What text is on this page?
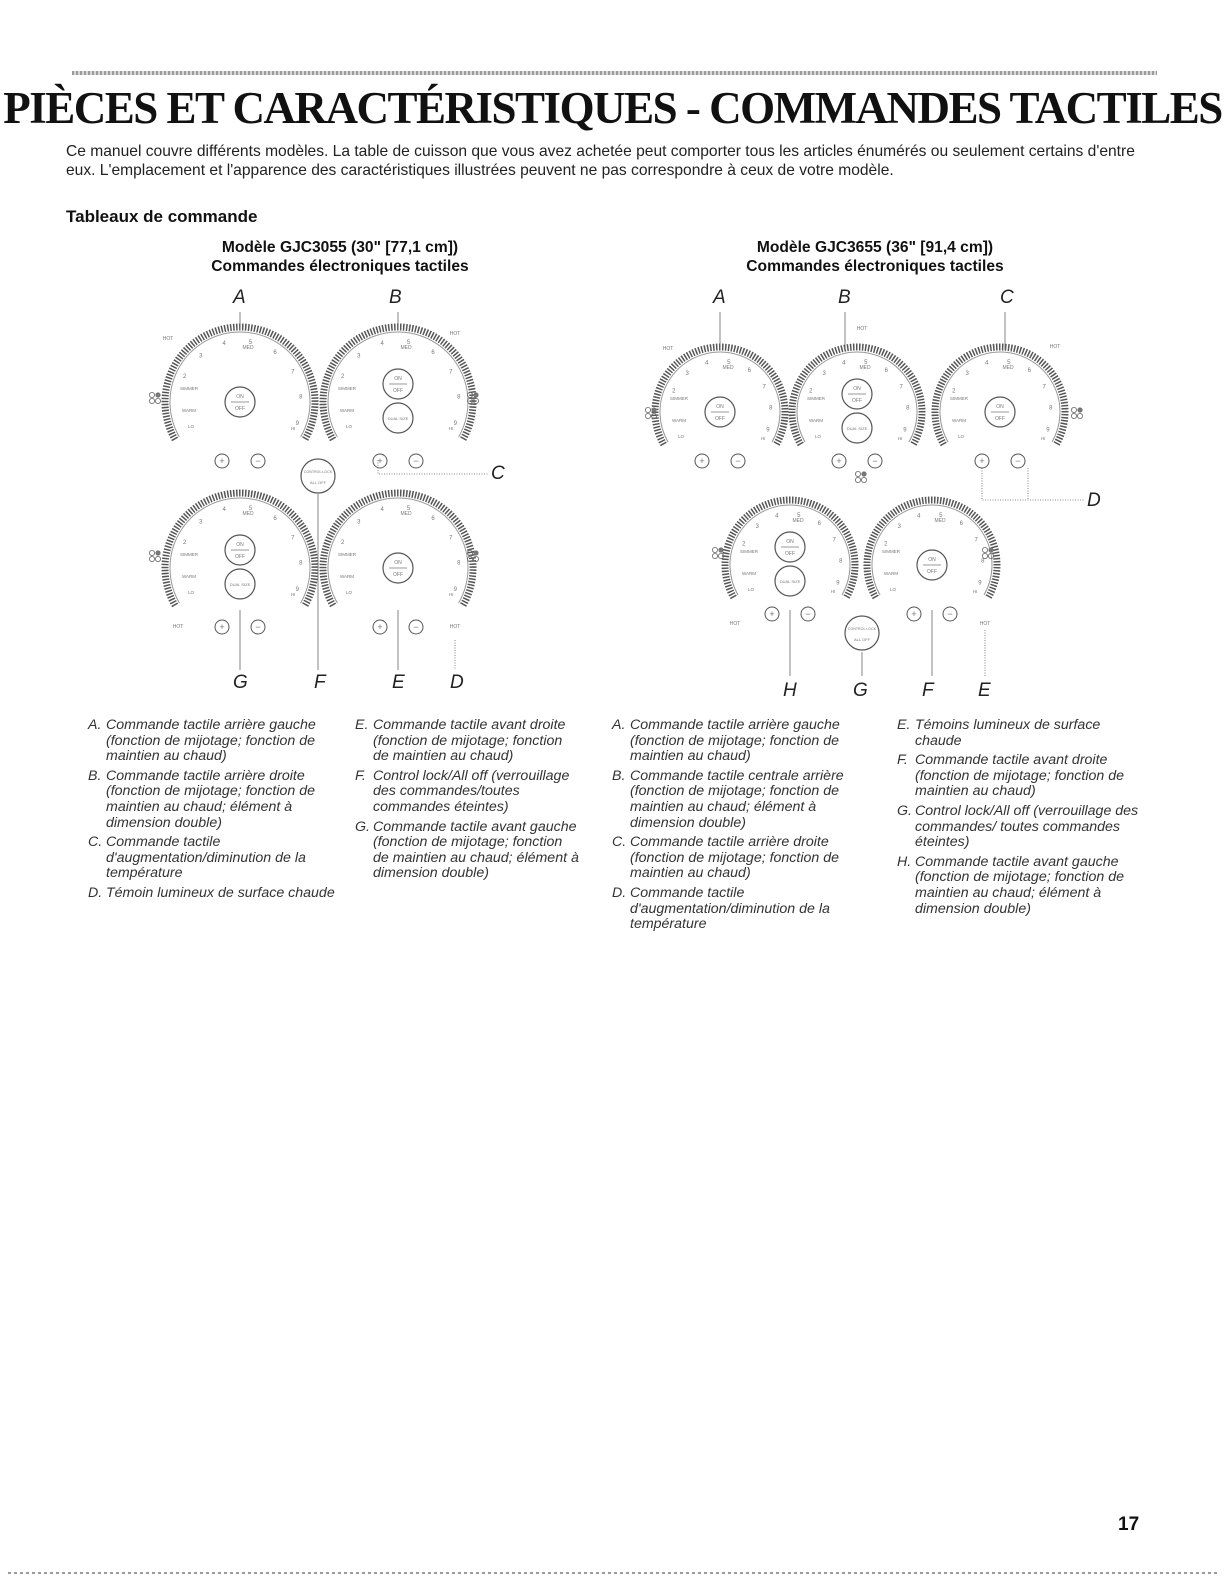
PIÈCES ET CARACTÉRISTIQUES - COMMANDES TACTILES
Ce manuel couvre différents modèles. La table de cuisson que vous avez achetée peut comporter tous les articles énumérés ou seulement certains d'entre eux. L'emplacement et l'apparence des caractéristiques illustrées peuvent ne pas correspondre à ceux de votre modèle.
Tableaux de commande
Modèle GJC3055 (30" [77,1 cm])
Commandes électroniques tactiles
Modèle GJC3655 (36" [91,4 cm])
Commandes électroniques tactiles
2
3
4	5
6
7
8
9
MED
SIMMER
WARM
LO	HI
ON
OFF
+	−
2
3
4	5
6
7
8
9
MED
SIMMER
WARM
LO	HI
ON
OFF
DUAL SIZE
+	−
2
3
4	5
6
7
8
9
MED
SIMMER
WARM
LO	HI
ON
OFF
DUAL SIZE
+	−
2
3
4	5
6
7
8
9
MED
SIMMER
WARM
LO	HI
ON
OFF
+	−
CONTROL LOCK
ALL OFF
HOT
HOT
HOT	HOT
2
3
4	5
6
7
8
9
MED
SIMMER
WARM
LO	HI
ON
OFF
+	−
2
3
4	5
6
7
8
9
MED
SIMMER
WARM
LO	HI
ON
OFF
DUAL SIZE
+	−
2
3
4	5
6
7
8
9
MED
SIMMER
WARM
LO	HI
ON
OFF
+	−
2
3
4	5
6
7
8
9
MED
SIMMER
WARM
LO	HI
ON
OFF
DUAL SIZE
+	−
2
3
4	5
6
7
8
9
MED
SIMMER
WARM
LO	HI
ON
OFF
+	−
CONTROL LOCK
ALL OFF
HOT
HOT
HOT
HOT	HOT
A	B
C
G	F	E D
A	B	C
D
H	G	F E
A. Commande tactile arrière gauche (fonction de mijotage; fonction de maintien au chaud)
B. Commande tactile arrière droite (fonction de mijotage; fonction de maintien au chaud; élément à dimension double)
C. Commande tactile d'augmentation/diminution de la température
D. Témoin lumineux de surface chaude
E. Commande tactile avant droite (fonction de mijotage; fonction de maintien au chaud)
F. Control lock/All off (verrouillage des commandes/toutes commandes éteintes)
G. Commande tactile avant gauche (fonction de mijotage; fonction de maintien au chaud; élément à dimension double)
A. Commande tactile arrière gauche (fonction de mijotage; fonction de maintien au chaud)
B. Commande tactile centrale arrière (fonction de mijotage; fonction de maintien au chaud; élément à dimension double)
C. Commande tactile arrière droite (fonction de mijotage; fonction de maintien au chaud)
D. Commande tactile d'augmentation/diminution de la température
E. Témoins lumineux de surface chaude
F. Commande tactile avant droite (fonction de mijotage; fonction de maintien au chaud)
G. Control lock/All off (verrouillage des commandes/ toutes commandes éteintes)
H. Commande tactile avant gauche (fonction de mijotage; fonction de maintien au chaud; élément à dimension double)
17
